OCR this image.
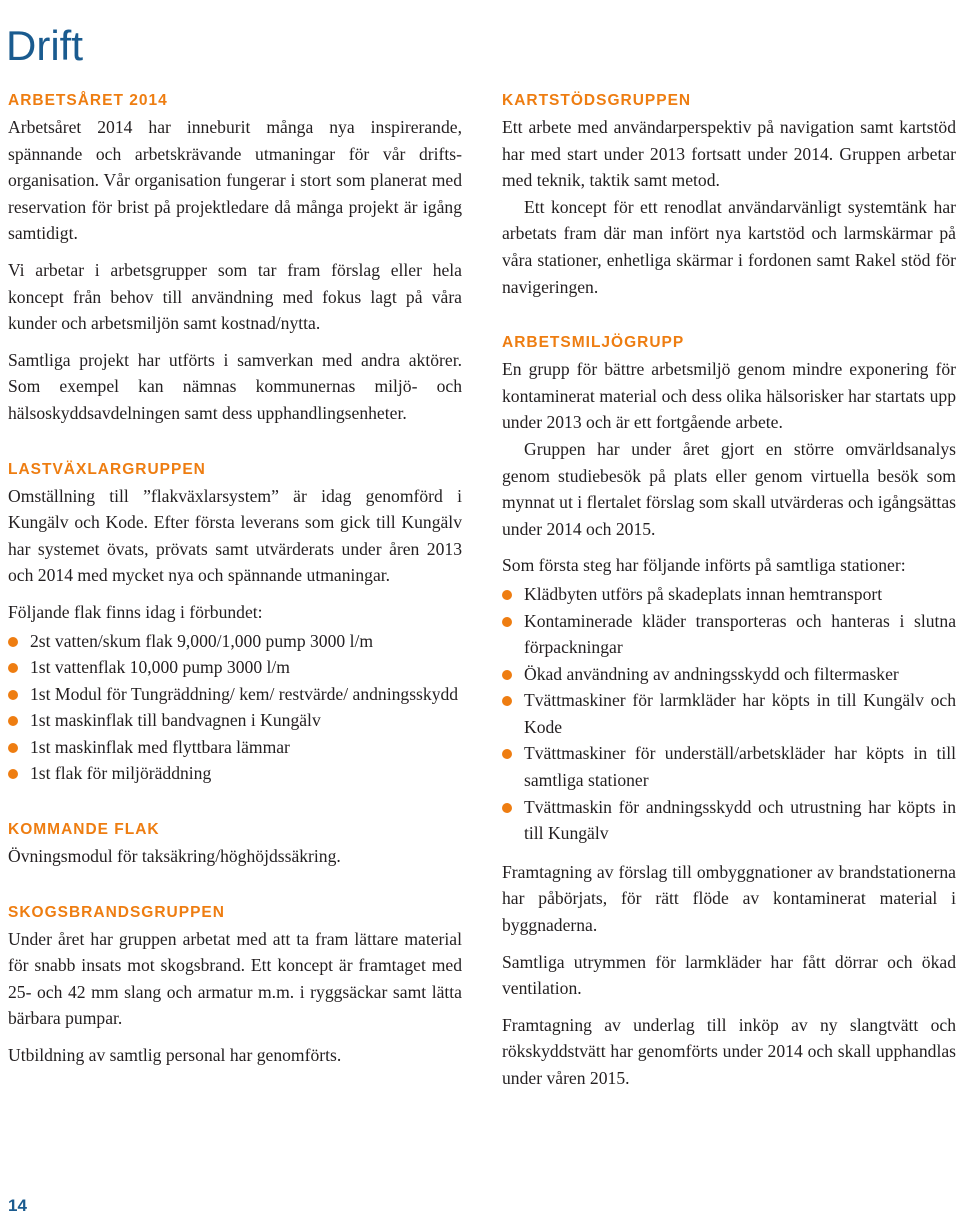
Drift
ARBETSÅRET 2014

Arbetsåret 2014 har inneburit många nya inspirerande, spännande och arbetskrävande utmaningar för vår driftsorganisation. Vår organisation fungerar i stort som planerat med reservation för brist på projektledare då många projekt är igång samtidigt.

Vi arbetar i arbetsgrupper som tar fram förslag eller hela koncept från behov till användning med fokus lagt på våra kunder och arbetsmiljön samt kostnad/nytta.

Samtliga projekt har utförts i samverkan med andra aktörer. Som exempel kan nämnas kommunernas miljö- och hälsoskyddsavdelningen samt dess upphandlingsenheter.

LASTVÄXLARGRUPPEN

Omställning till ”flakväxlarsystem” är idag genomförd i Kungälv och Kode. Efter första leverans som gick till Kungälv har systemet övats, prövats samt utvärderats under åren 2013 och 2014 med mycket nya och spännande utmaningar.

Följande flak finns idag i förbundet:

2st vatten/skum flak 9,000/1,000 pump 3000 l/m
1st vattenflak 10,000 pump 3000 l/m
1st Modul för Tungräddning/ kem/ restvärde/ andningsskydd
1st maskinflak till bandvagnen i Kungälv
1st maskinflak med flyttbara lämmar
1st flak för miljöräddning
KOMMANDE FLAK

Övningsmodul för taksäkring/höghöjdssäkring.

SKOGSBRANDSGRUPPEN

Under året har gruppen arbetat med att ta fram lättare material för snabb insats mot skogsbrand. Ett koncept är framtaget med 25- och 42 mm slang och armatur m.m. i ryggsäckar samt lätta bärbara pumpar.

Utbildning av samtlig personal har genomförts.

KARTSTÖDSGRUPPEN

Ett arbete med användarperspektiv på navigation samt kartstöd har med start under 2013 fortsatt under 2014. Gruppen arbetar med teknik, taktik samt metod.

Ett koncept för ett renodlat användarvänligt systemtänk har arbetats fram där man infört nya kartstöd och larmskärmar på våra stationer, enhetliga skärmar i fordonen samt Rakel stöd för navigeringen.

ARBETSMILJÖGRUPP

En grupp för bättre arbetsmiljö genom mindre exponering för kontaminerat material och dess olika hälsorisker har startats upp under 2013 och är ett fortgående arbete.

Gruppen har under året gjort en större omvärldsanalys genom studiebesök på plats eller genom virtuella besök som mynnat ut i flertalet förslag som skall utvärderas och igångsättas under 2014 och 2015.

Som första steg har följande införts på samtliga stationer:

Klädbyten utförs på skadeplats innan hemtransport
Kontaminerade kläder transporteras och hanteras i slutna förpackningar
Ökad användning av andningsskydd och filtermasker
Tvättmaskiner för larmkläder har köpts in till Kungälv och Kode
Tvättmaskiner för underställ/arbetskläder har köpts in till samtliga stationer
Tvättmaskin för andningsskydd och utrustning har köpts in till Kungälv

Framtagning av förslag till ombyggnationer av brandstationerna har påbörjats, för rätt flöde av kontaminerat material i byggnaderna.

Samtliga utrymmen för larmkläder har fått dörrar och ökad ventilation.

Framtagning av underlag till inköp av ny slangtvätt och rökskyddstvätt har genomförts under 2014 och skall upphandlas under våren 2015.

14
